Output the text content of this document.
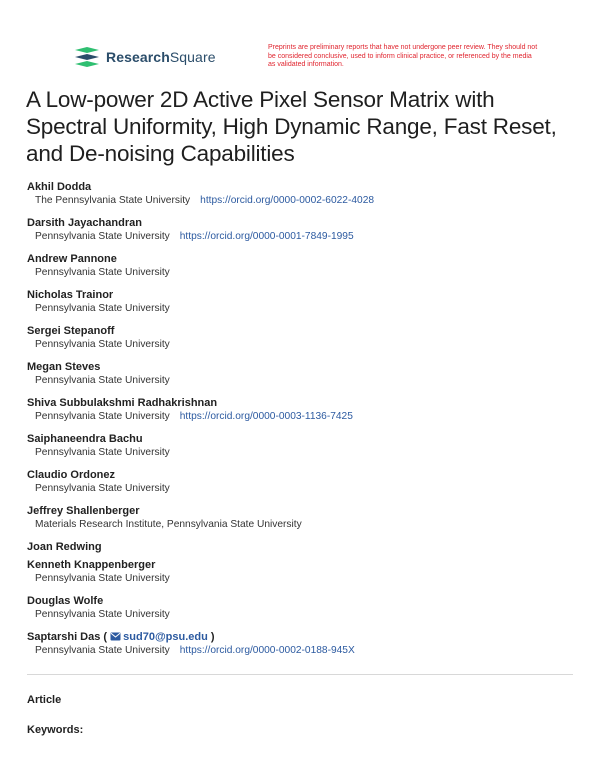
ResearchSquare
Preprints are preliminary reports that have not undergone peer review. They should not be considered conclusive, used to inform clinical practice, or referenced by the media as validated information.
A Low-power 2D Active Pixel Sensor Matrix with Spectral Uniformity, High Dynamic Range, Fast Reset, and De-noising Capabilities
Akhil Dodda
The Pennsylvania State University https://orcid.org/0000-0002-6022-4028
Darsith Jayachandran
Pennsylvania State University https://orcid.org/0000-0001-7849-1995
Andrew Pannone
Pennsylvania State University
Nicholas Trainor
Pennsylvania State University
Sergei Stepanoff
Pennsylvania State University
Megan Steves
Pennsylvania State University
Shiva Subbulakshmi Radhakrishnan
Pennsylvania State University https://orcid.org/0000-0003-1136-7425
Saiphaneendra Bachu
Pennsylvania State University
Claudio Ordonez
Pennsylvania State University
Jeffrey Shallenberger
Materials Research Institute, Pennsylvania State University
Joan Redwing
Kenneth Knappenberger
Pennsylvania State University
Douglas Wolfe
Pennsylvania State University
Saptarshi Das ( sud70@psu.edu )
Pennsylvania State University https://orcid.org/0000-0002-0188-945X
Article
Keywords:
